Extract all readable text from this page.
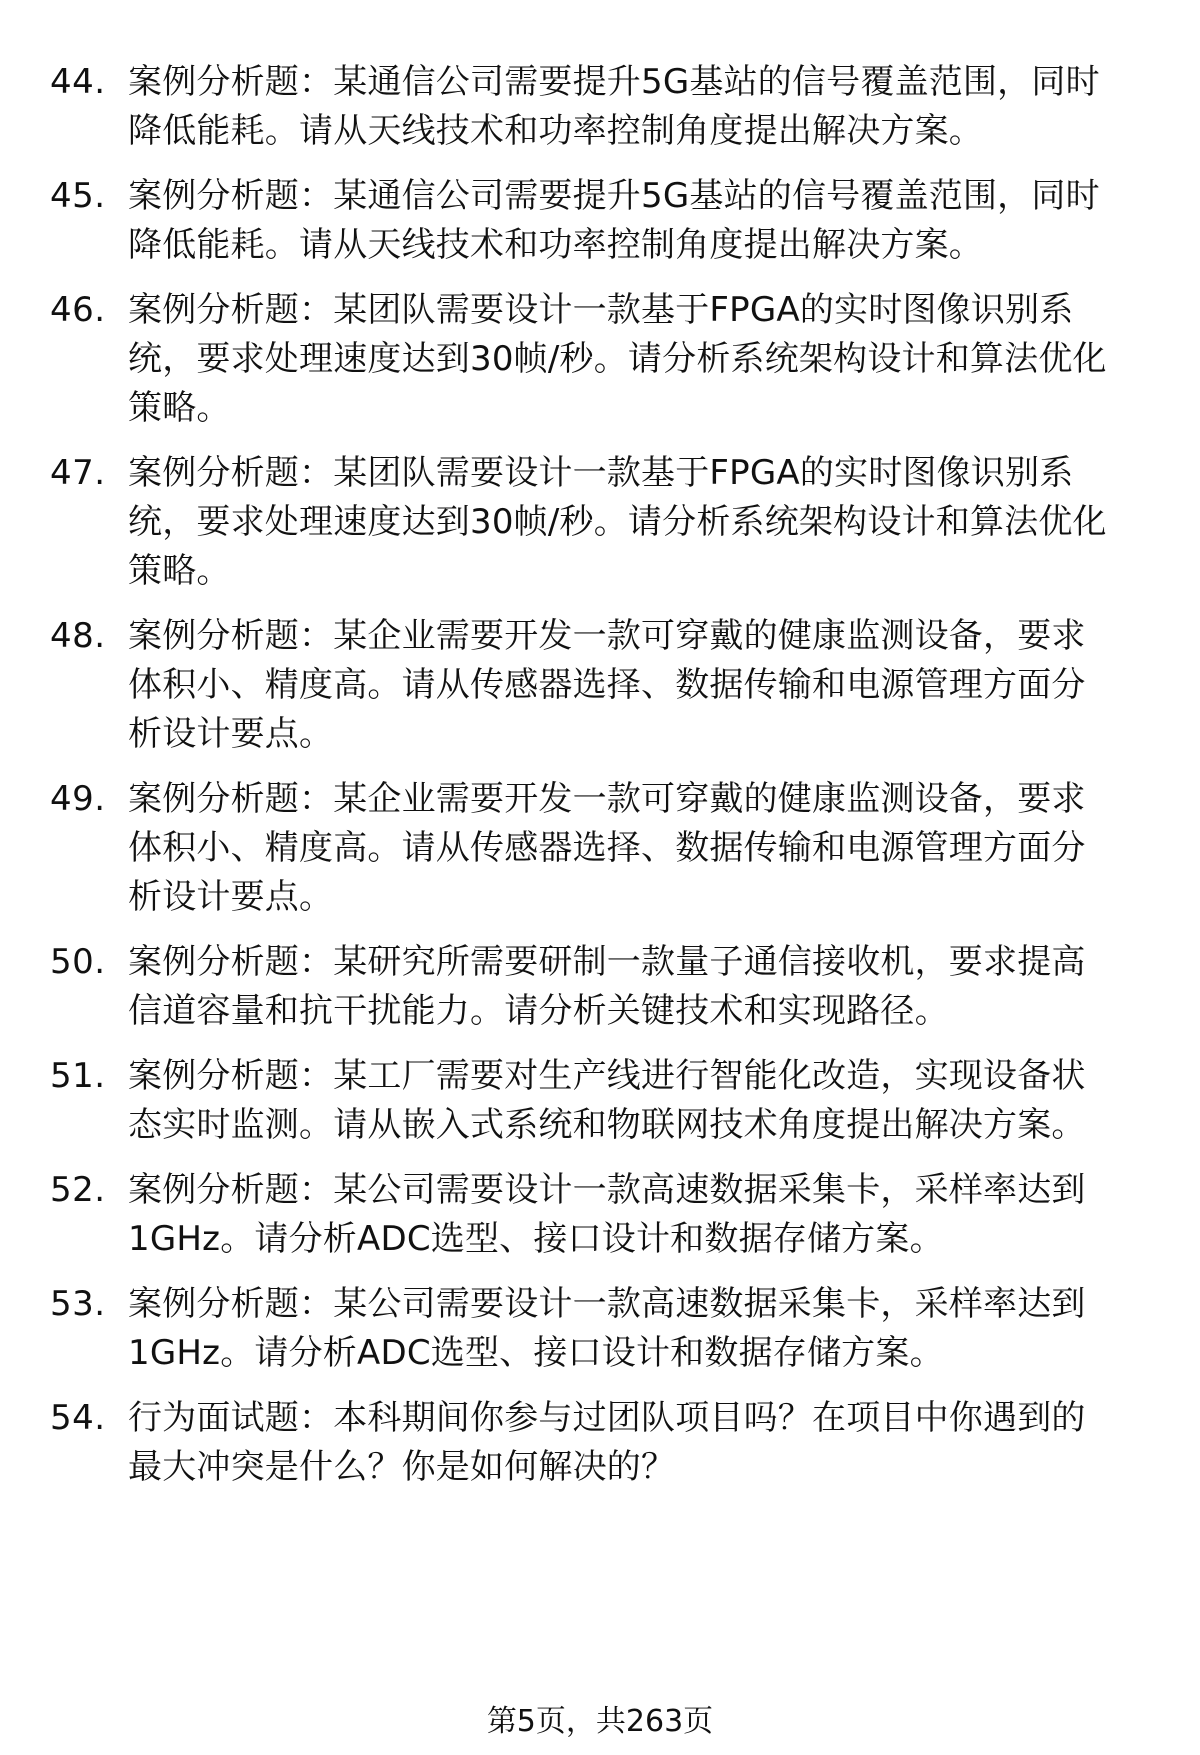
​
44. 案例分析题：某通信公司需要提升5G基站的信号覆盖范围，同时
降低能耗。请从天线技术和功率控制角度提出解决方案。
45. 案例分析题：某通信公司需要提升5G基站的信号覆盖范围，同时
降低能耗。请从天线技术和功率控制角度提出解决方案。
46. 案例分析题：某团队需要设计一款基于FPGA的实时图像识别系
统，要求处理速度达到30帧/秒。请分析系统架构设计和算法优化
策略。
47. 案例分析题：某团队需要设计一款基于FPGA的实时图像识别系
统，要求处理速度达到30帧/秒。请分析系统架构设计和算法优化
策略。
48. 案例分析题：某企业需要开发一款可穿戴的健康监测设备，要求
体积小、精度高。请从传感器选择、数据传输和电源管理方面分
析设计要点。
49. 案例分析题：某企业需要开发一款可穿戴的健康监测设备，要求
体积小、精度高。请从传感器选择、数据传输和电源管理方面分
析设计要点。
50. 案例分析题：某研究所需要研制一款量子通信接收机，要求提高
信道容量和抗干扰能力。请分析关键技术和实现路径。
51. 案例分析题：某工厂需要对生产线进行智能化改造，实现设备状
态实时监测。请从嵌入式系统和物联网技术角度提出解决方案。
52. 案例分析题：某公司需要设计一款高速数据采集卡，采样率达到
1GHz。请分析ADC选型、接口设计和数据存储方案。
53. 案例分析题：某公司需要设计一款高速数据采集卡，采样率达到
1GHz。请分析ADC选型、接口设计和数据存储方案。
54. 行为面试题：本科期间你参与过团队项目吗？在项目中你遇到的
最大冲突是什么？你是如何解决的？
第5页，共263页
